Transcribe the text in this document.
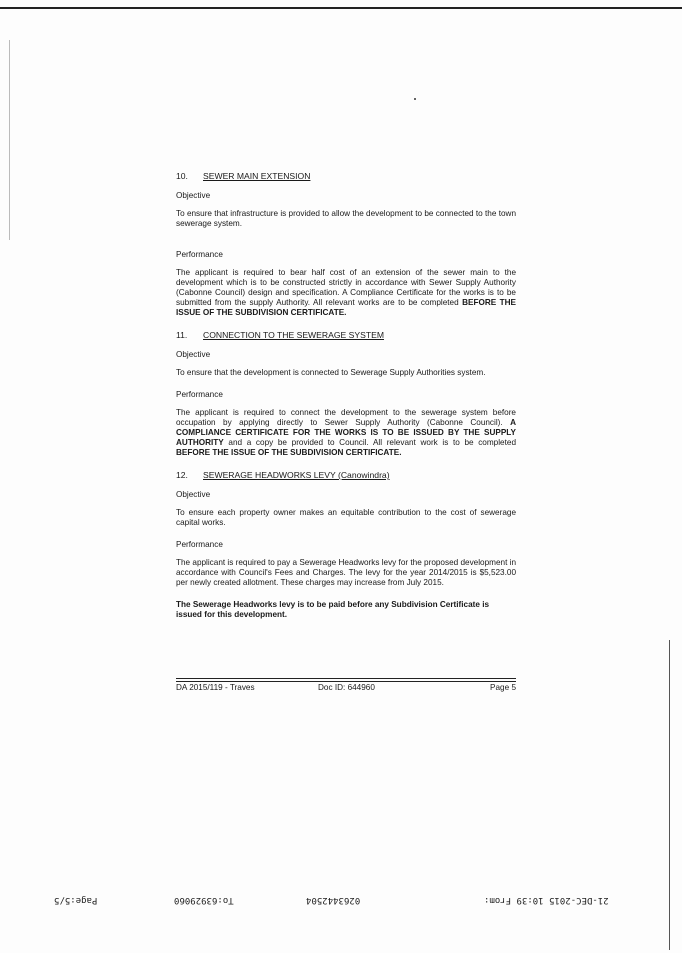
10. SEWER MAIN EXTENSION
Objective

To ensure that infrastructure is provided to allow the development to be connected to the town sewerage system.

Performance

The applicant is required to bear half cost of an extension of the sewer main to the development which is to be constructed strictly in accordance with Sewer Supply Authority (Cabonne Council) design and specification. A Compliance Certificate for the works is to be submitted from the supply Authority. All relevant works are to be completed BEFORE THE ISSUE OF THE SUBDIVISION CERTIFICATE.

11. CONNECTION TO THE SEWERAGE SYSTEM
Objective

To ensure that the development is connected to Sewerage Supply Authorities system.

Performance

The applicant is required to connect the development to the sewerage system before occupation by applying directly to Sewer Supply Authority (Cabonne Council). A COMPLIANCE CERTIFICATE FOR THE WORKS IS TO BE ISSUED BY THE SUPPLY AUTHORITY and a copy be provided to Council. All relevant work is to be completed BEFORE THE ISSUE OF THE SUBDIVISION CERTIFICATE.

12. SEWERAGE HEADWORKS LEVY (Canowindra)
Objective

To ensure each property owner makes an equitable contribution to the cost of sewerage capital works.

Performance

The applicant is required to pay a Sewerage Headworks levy for the proposed development in accordance with Council's Fees and Charges. The levy for the year 2014/2015 is $5,523.00 per newly created allotment. These charges may increase from July 2015.

The Sewerage Headworks levy is to be paid before any Subdivision Certificate is issued for this development.

DA 2015/119 - Traves	Doc ID: 644960	Page 5
21-DEC-2015 10:39 From:
0263442504
To:63929060
Page:5/5
